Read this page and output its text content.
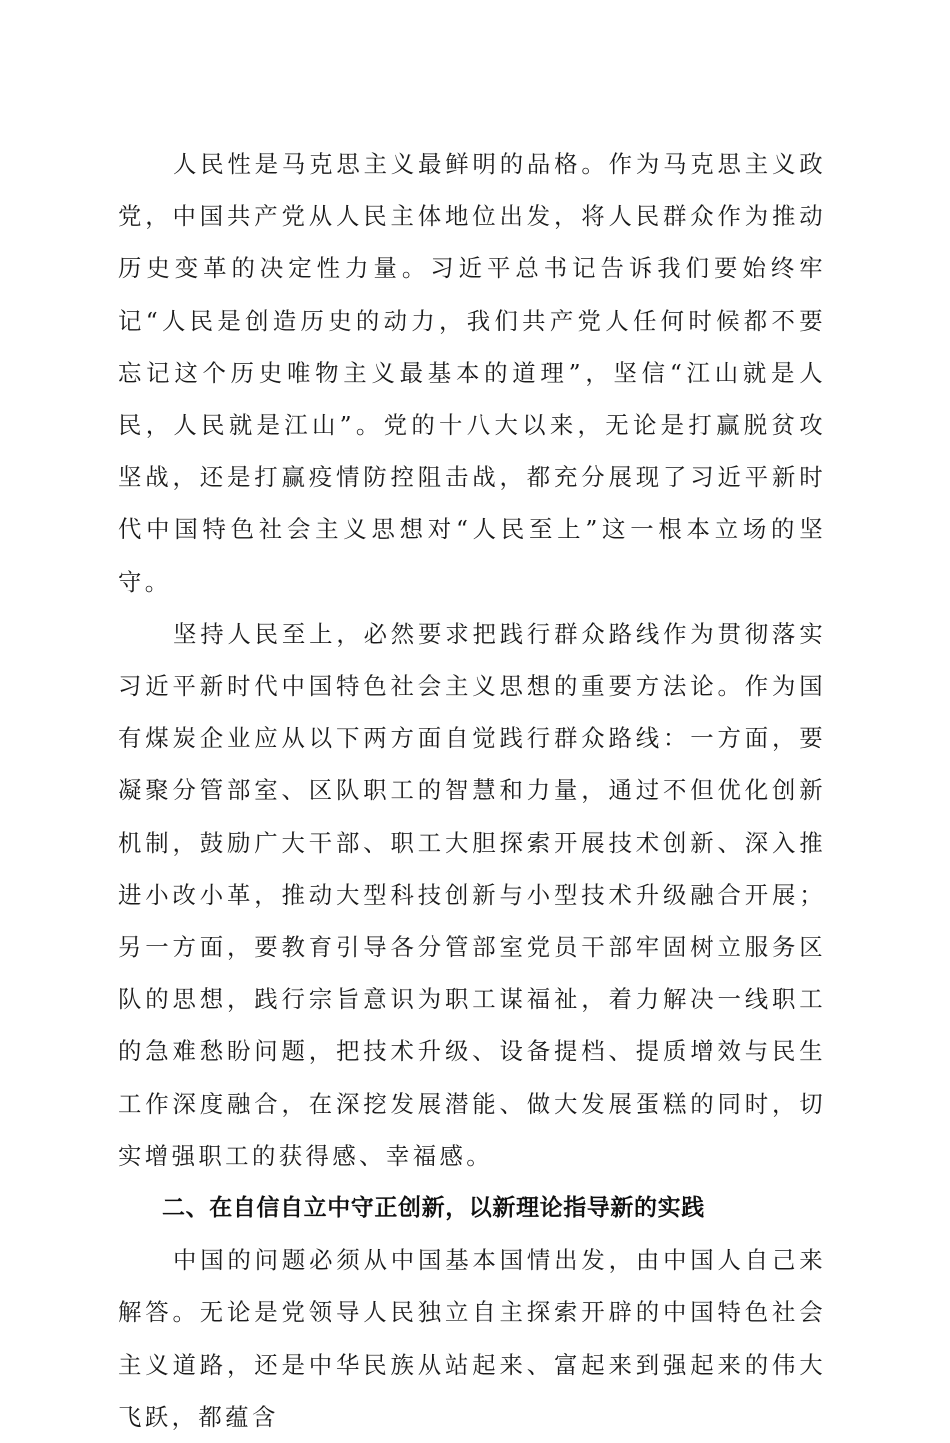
人民性是马克思主义最鲜明的品格。作为马克思主义政党，中国共产党从人民主体地位出发，将人民群众作为推动历史变革的决定性力量。习近平总书记告诉我们要始终牢记“人民是创造历史的动力，我们共产党人任何时候都不要忘记这个历史唯物主义最基本的道理”，坚信“江山就是人民，人民就是江山”。党的十八大以来，无论是打赢脱贫攻坚战，还是打赢疫情防控阻击战，都充分展现了习近平新时代中国特色社会主义思想对“人民至上”这一根本立场的坚守。

坚持人民至上，必然要求把践行群众路线作为贯彻落实习近平新时代中国特色社会主义思想的重要方法论。作为国有煤炭企业应从以下两方面自觉践行群众路线：一方面，要凝聚分管部室、区队职工的智慧和力量，通过不但优化创新机制，鼓励广大干部、职工大胆探索开展技术创新、深入推进小改小革，推动大型科技创新与小型技术升级融合开展；另一方面，要教育引导各分管部室党员干部牢固树立服务区队的思想，践行宗旨意识为职工谋福祉，着力解决一线职工的急难愁盼问题，把技术升级、设备提档、提质增效与民生工作深度融合，在深挖发展潜能、做大发展蛋糕的同时，切实增强职工的获得感、幸福感。

二、在自信自立中守正创新，以新理论指导新的实践

中国的问题必须从中国基本国情出发，由中国人自己来解答。无论是党领导人民独立自主探索开辟的中国特色社会主义道路，还是中华民族从站起来、富起来到强起来的伟大飞跃，都蕴含
